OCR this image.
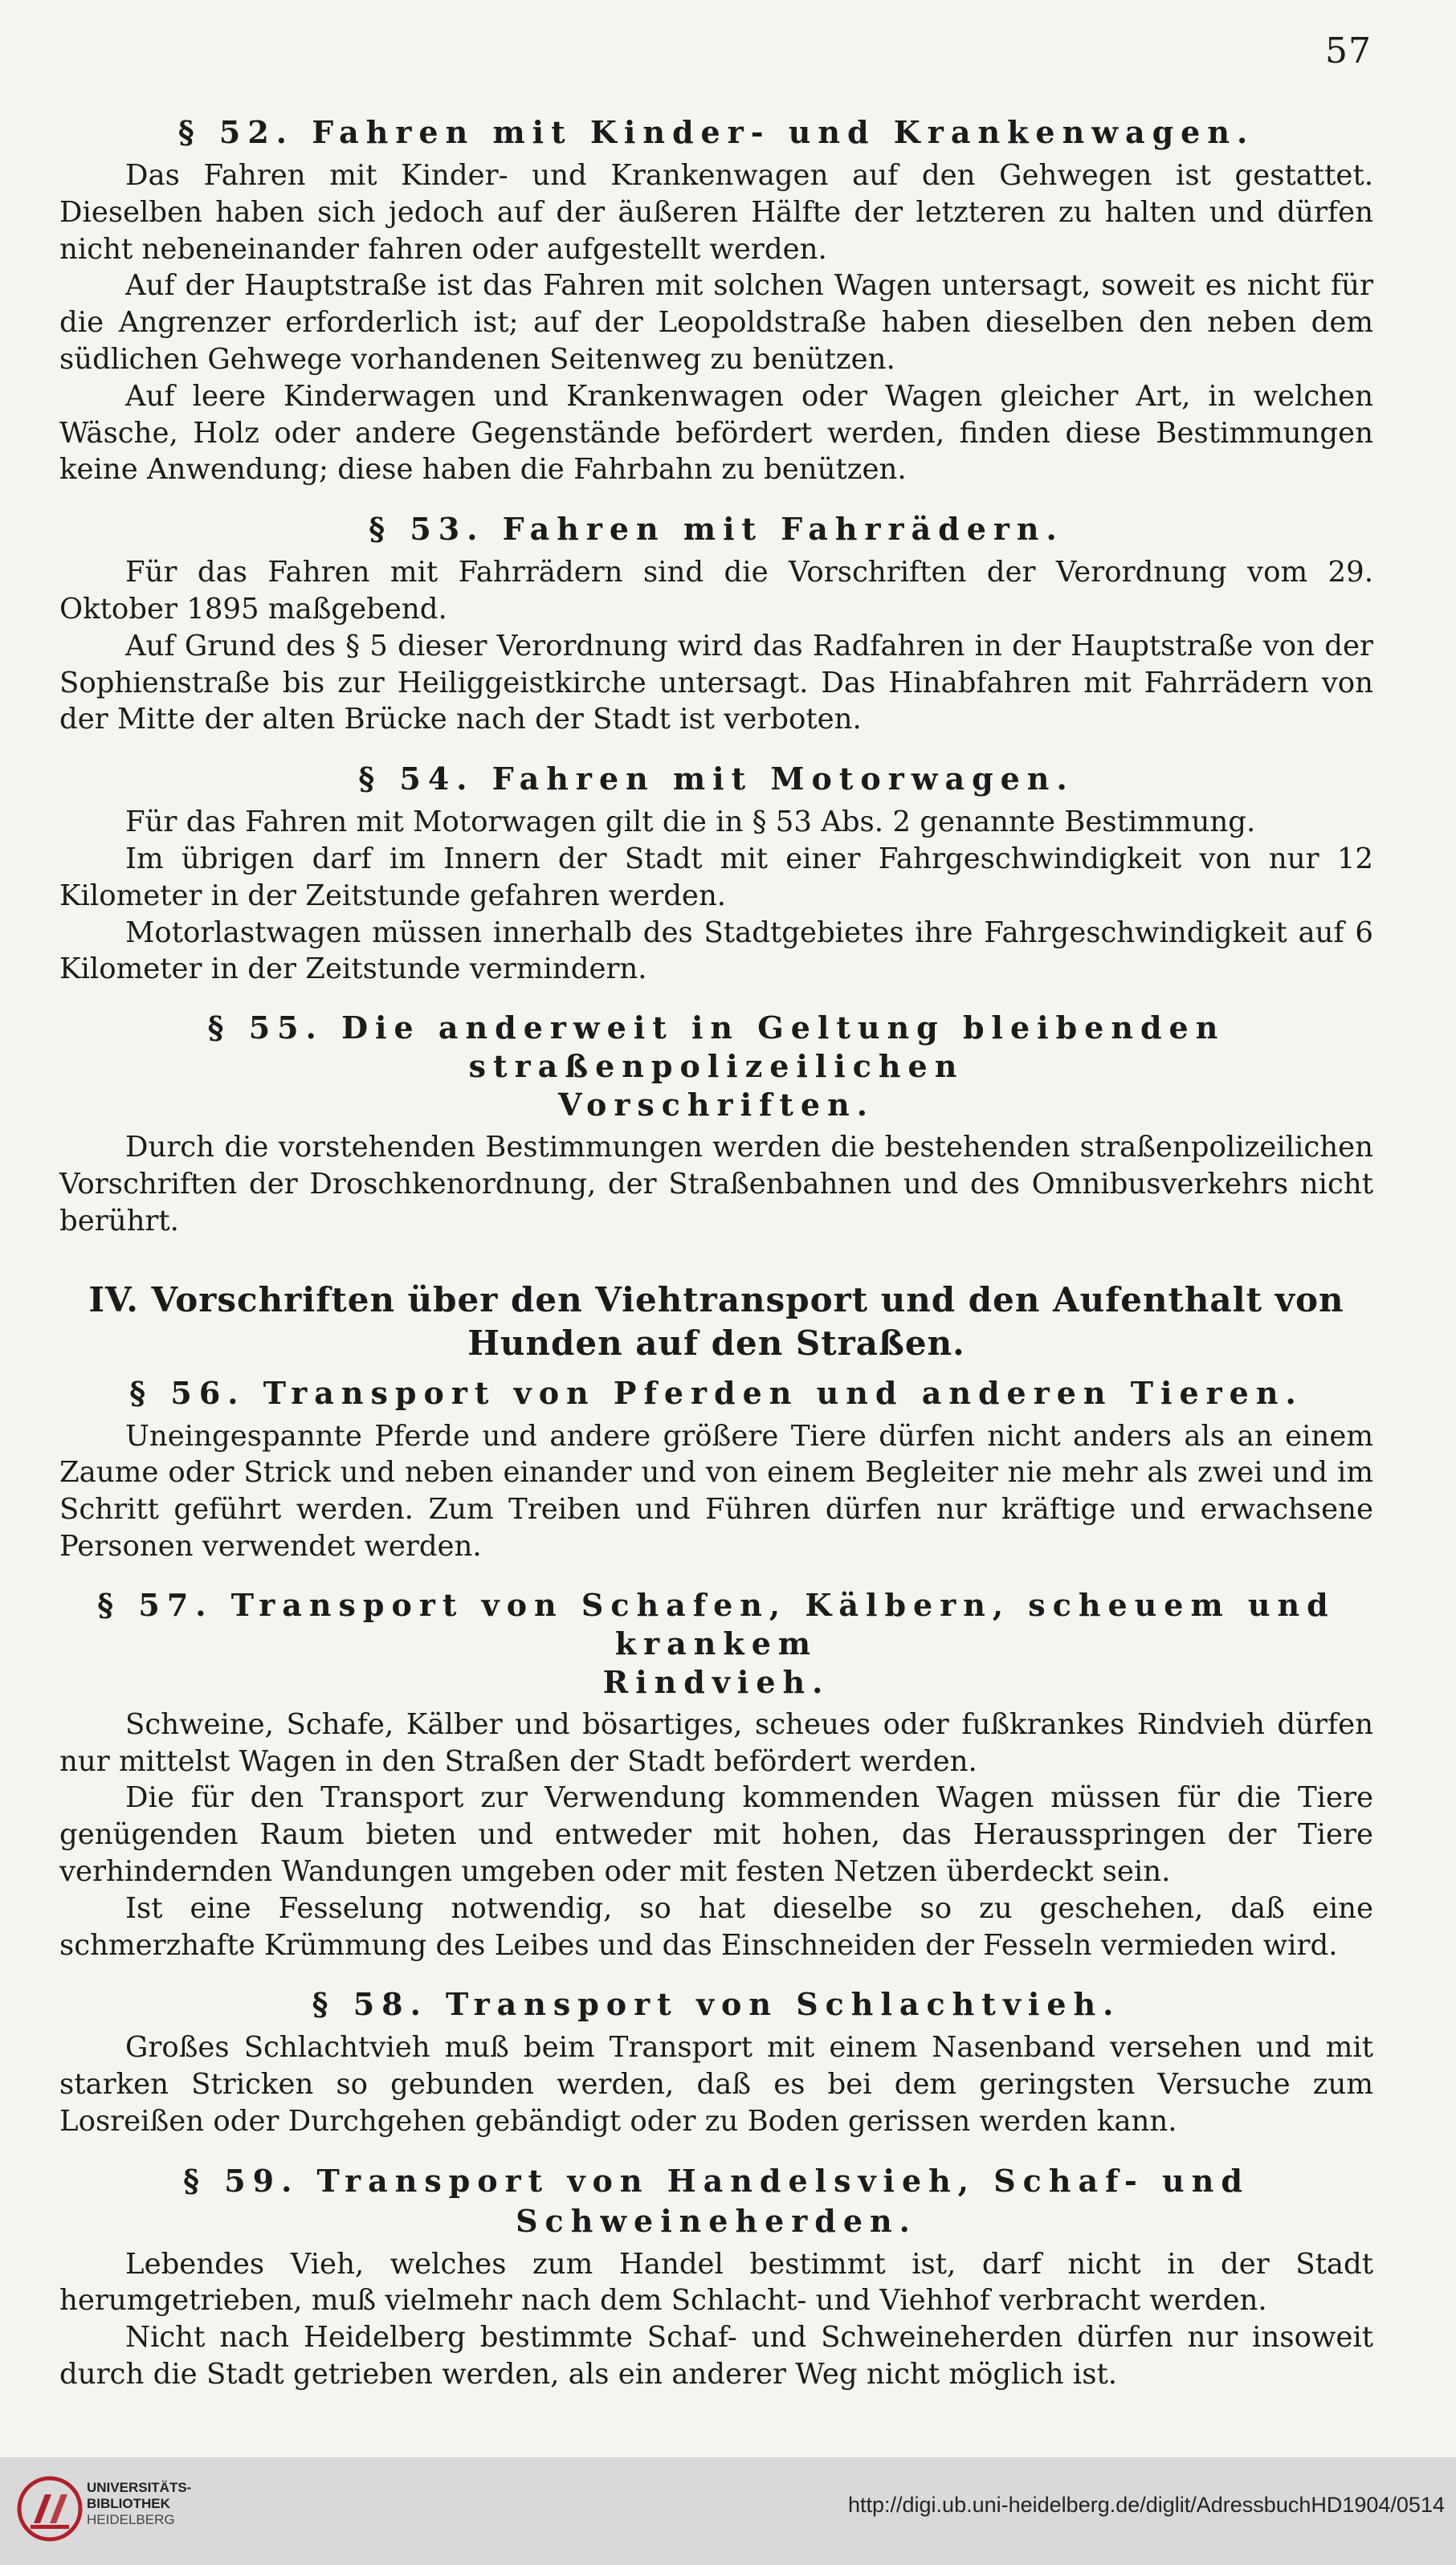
57
§ 52. Fahren mit Kinder- und Krankenwagen.

Das Fahren mit Kinder- und Krankenwagen auf den Gehwegen ist gestattet. Dieselben haben sich jedoch auf der äußeren Hälfte der letzteren zu halten und dürfen nicht nebeneinander fahren oder aufgestellt werden.

Auf der Hauptstraße ist das Fahren mit solchen Wagen untersagt, soweit es nicht für die Angrenzer erforderlich ist; auf der Leopoldstraße haben dieselben den neben dem südlichen Gehwege vorhandenen Seitenweg zu benützen.

Auf leere Kinderwagen und Krankenwagen oder Wagen gleicher Art, in welchen Wäsche, Holz oder andere Gegenstände befördert werden, finden diese Bestimmungen keine Anwendung; diese haben die Fahrbahn zu benützen.

§ 53. Fahren mit Fahrrädern.

Für das Fahren mit Fahrrädern sind die Vorschriften der Verordnung vom 29. Oktober 1895 maßgebend.

Auf Grund des § 5 dieser Verordnung wird das Radfahren in der Hauptstraße von der Sophienstraße bis zur Heiliggeistkirche untersagt. Das Hinabfahren mit Fahrrädern von der Mitte der alten Brücke nach der Stadt ist verboten.

§ 54. Fahren mit Motorwagen.

Für das Fahren mit Motorwagen gilt die in § 53 Abs. 2 genannte Bestimmung.

Im übrigen darf im Innern der Stadt mit einer Fahrgeschwindigkeit von nur 12 Kilometer in der Zeitstunde gefahren werden.

Motorlastwagen müssen innerhalb des Stadtgebietes ihre Fahrgeschwindigkeit auf 6 Kilometer in der Zeitstunde vermindern.

§ 55. Die anderweit in Geltung bleibenden straßenpolizeilichen
Vorschriften.

Durch die vorstehenden Bestimmungen werden die bestehenden straßenpolizeilichen Vorschriften der Droschkenordnung, der Straßenbahnen und des Omnibusverkehrs nicht berührt.

IV. Vorschriften über den Viehtransport und den Aufenthalt von
Hunden auf den Straßen.
§ 56. Transport von Pferden und anderen Tieren.

Uneingespannte Pferde und andere größere Tiere dürfen nicht anders als an einem Zaume oder Strick und neben einander und von einem Begleiter nie mehr als zwei und im Schritt geführt werden. Zum Treiben und Führen dürfen nur kräftige und erwachsene Personen verwendet werden.

§ 57. Transport von Schafen, Kälbern, scheuem und krankem
Rindvieh.

Schweine, Schafe, Kälber und bösartiges, scheues oder fußkrankes Rindvieh dürfen nur mittelst Wagen in den Straßen der Stadt befördert werden.

Die für den Transport zur Verwendung kommenden Wagen müssen für die Tiere genügenden Raum bieten und entweder mit hohen, das Herausspringen der Tiere verhindernden Wandungen umgeben oder mit festen Netzen überdeckt sein.

Ist eine Fesselung notwendig, so hat dieselbe so zu geschehen, daß eine schmerzhafte Krümmung des Leibes und das Einschneiden der Fesseln vermieden wird.

§ 58. Transport von Schlachtvieh.

Großes Schlachtvieh muß beim Transport mit einem Nasenband versehen und mit starken Stricken so gebunden werden, daß es bei dem geringsten Versuche zum Losreißen oder Durchgehen gebändigt oder zu Boden gerissen werden kann.

§ 59. Transport von Handelsvieh, Schaf- und Schweineherden.

Lebendes Vieh, welches zum Handel bestimmt ist, darf nicht in der Stadt herumgetrieben, muß vielmehr nach dem Schlacht- und Viehhof verbracht werden.

Nicht nach Heidelberg bestimmte Schaf- und Schweineherden dürfen nur insoweit durch die Stadt getrieben werden, als ein anderer Weg nicht möglich ist.

UNIVERSITÄTS-
BIBLIOTHEK
HEIDELBERG
http://digi.ub.uni-heidelberg.de/diglit/AdressbuchHD1904/0514
